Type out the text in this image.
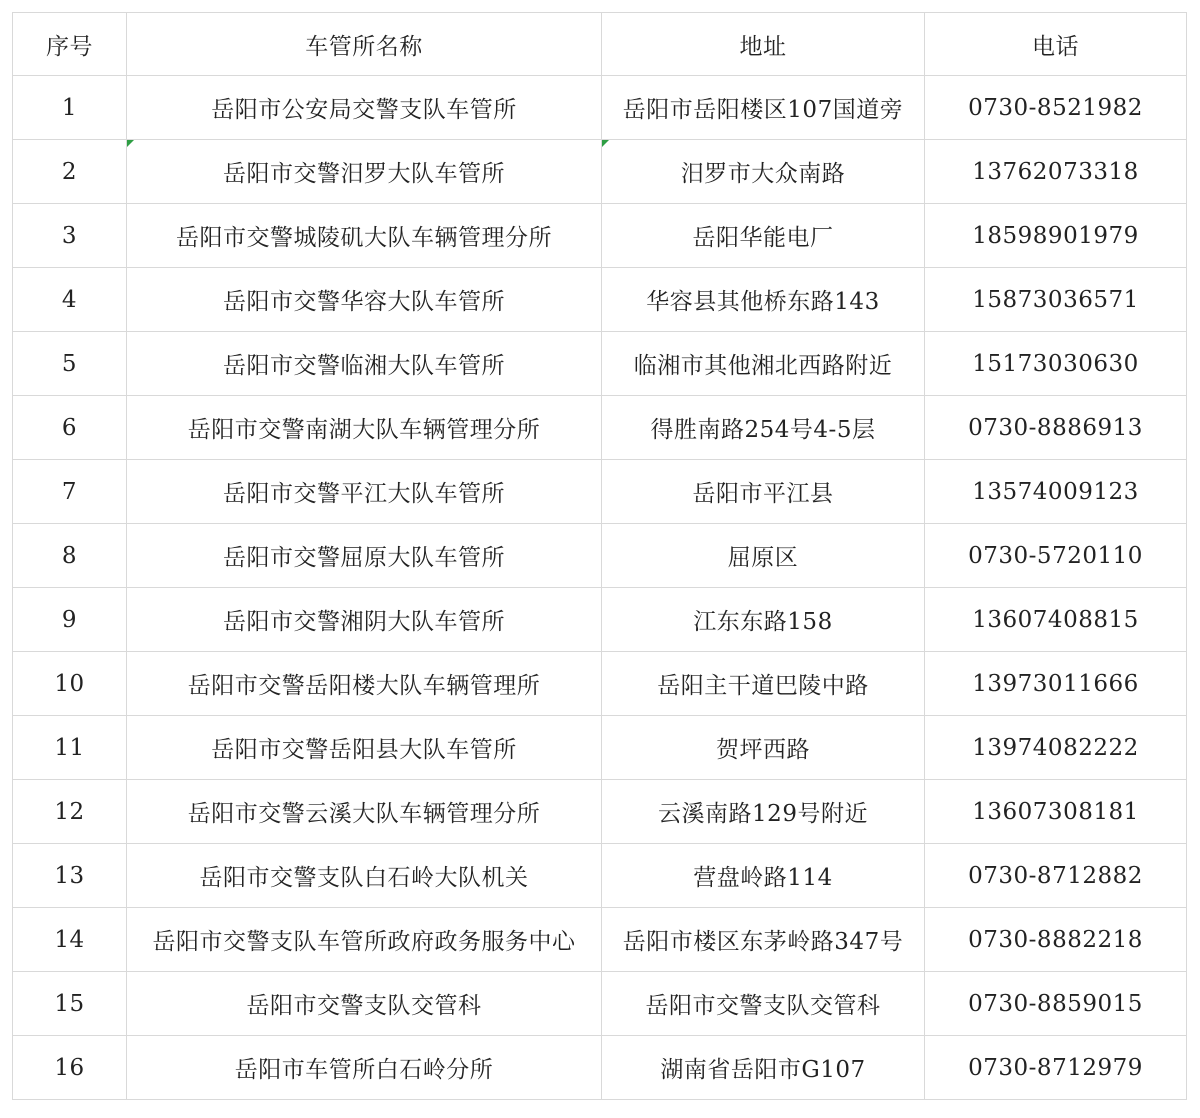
序号	车管所名称	地址	电话
1	岳阳市公安局交警支队车管所	岳阳市岳阳楼区107国道旁	0730-8521982
2	岳阳市交警汨罗大队车管所	汨罗市大众南路	13762073318
3	岳阳市交警城陵矶大队车辆管理分所	岳阳华能电厂	18598901979
4	岳阳市交警华容大队车管所	华容县其他桥东路143	15873036571
5	岳阳市交警临湘大队车管所	临湘市其他湘北西路附近	15173030630
6	岳阳市交警南湖大队车辆管理分所	得胜南路254号4-5层	0730-8886913
7	岳阳市交警平江大队车管所	岳阳市平江县	13574009123
8	岳阳市交警屈原大队车管所	屈原区	0730-5720110
9	岳阳市交警湘阴大队车管所	江东东路158	13607408815
10	岳阳市交警岳阳楼大队车辆管理所	岳阳主干道巴陵中路	13973011666
11	岳阳市交警岳阳县大队车管所	贺坪西路	13974082222
12	岳阳市交警云溪大队车辆管理分所	云溪南路129号附近	13607308181
13	岳阳市交警支队白石岭大队机关	营盘岭路114	0730-8712882
14	岳阳市交警支队车管所政府政务服务中心	岳阳市楼区东茅岭路347号	0730-8882218
15	岳阳市交警支队交管科	岳阳市交警支队交管科	0730-8859015
16	岳阳市车管所白石岭分所	湖南省岳阳市G107	0730-8712979
